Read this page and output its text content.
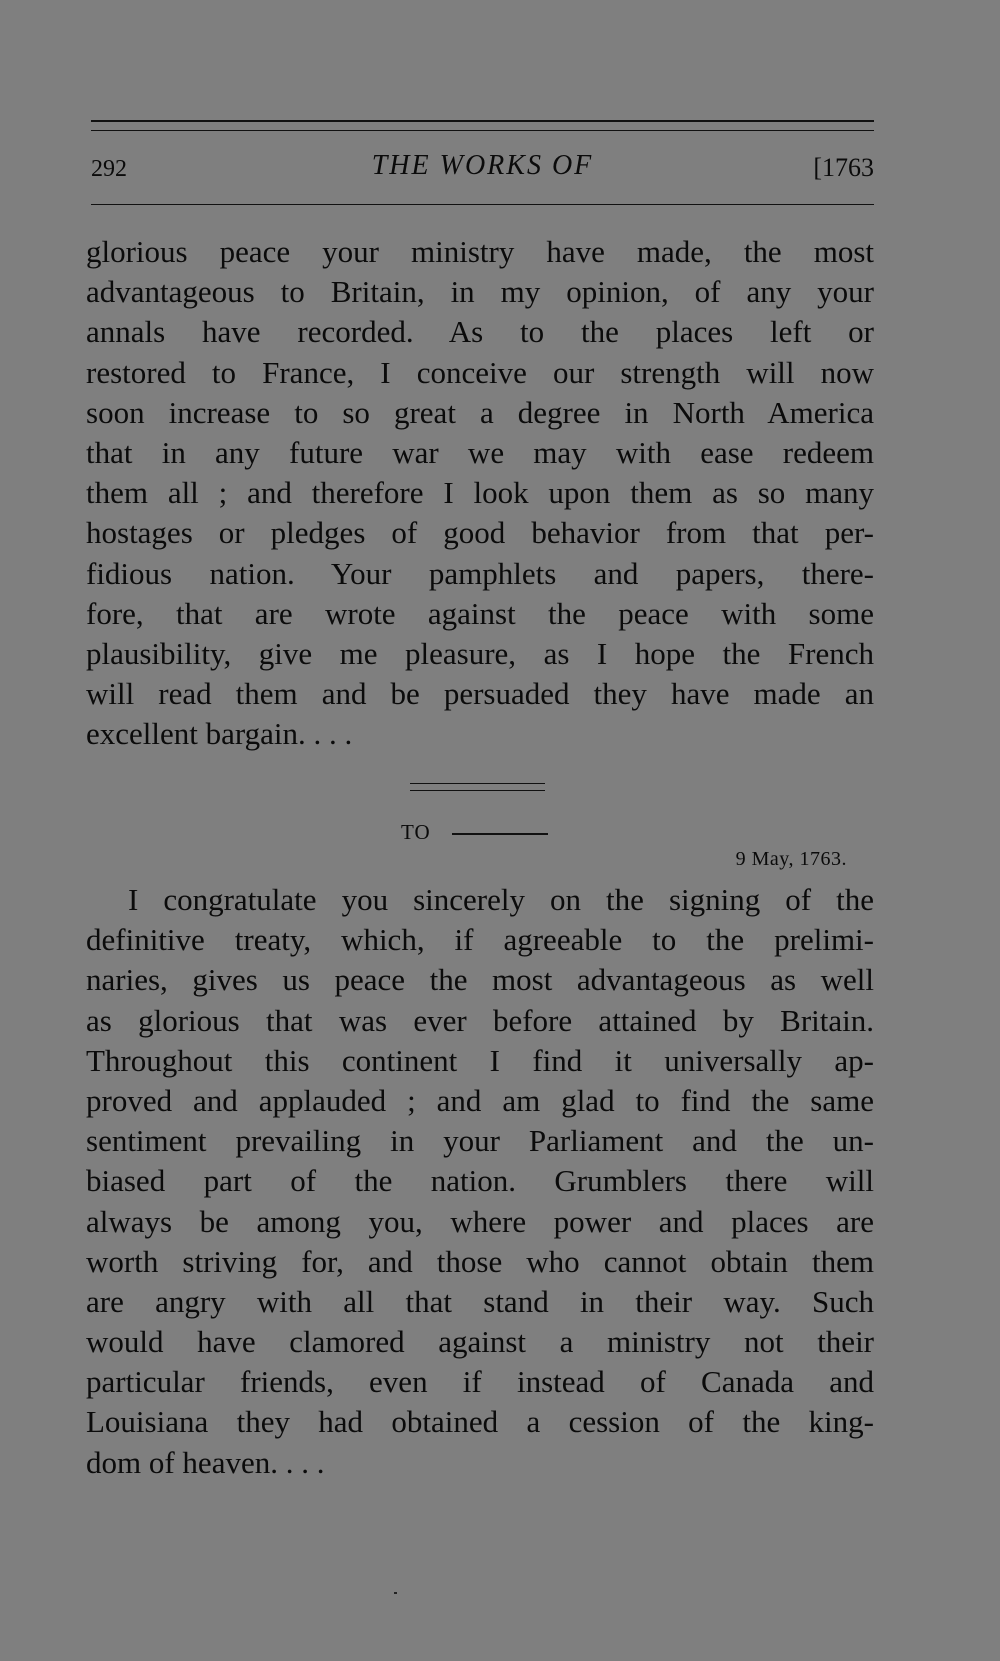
292	THE WORKS OF	[1763
glorious peace your ministry have made, the most
advantageous to Britain, in my opinion, of any your
annals have recorded. As to the places left or
restored to France, I conceive our strength will now
soon increase to so great a degree in North America
that in any future war we may with ease redeem
them all ; and therefore I look upon them as so many
hostages or pledges of good behavior from that per-
fidious nation. Your pamphlets and papers, there-
fore, that are wrote against the peace with some
plausibility, give me pleasure, as I hope the French
will read them and be persuaded they have made an
excellent bargain. . . .
TO
9 May, 1763.
I congratulate you sincerely on the signing of the
definitive treaty, which, if agreeable to the prelimi-
naries, gives us peace the most advantageous as well
as glorious that was ever before attained by Britain.
Throughout this continent I find it universally ap-
proved and applauded ; and am glad to find the same
sentiment prevailing in your Parliament and the un-
biased part of the nation. Grumblers there will
always be among you, where power and places are
worth striving for, and those who cannot obtain them
are angry with all that stand in their way. Such
would have clamored against a ministry not their
particular friends, even if instead of Canada and
Louisiana they had obtained a cession of the king-
dom of heaven. . . .
